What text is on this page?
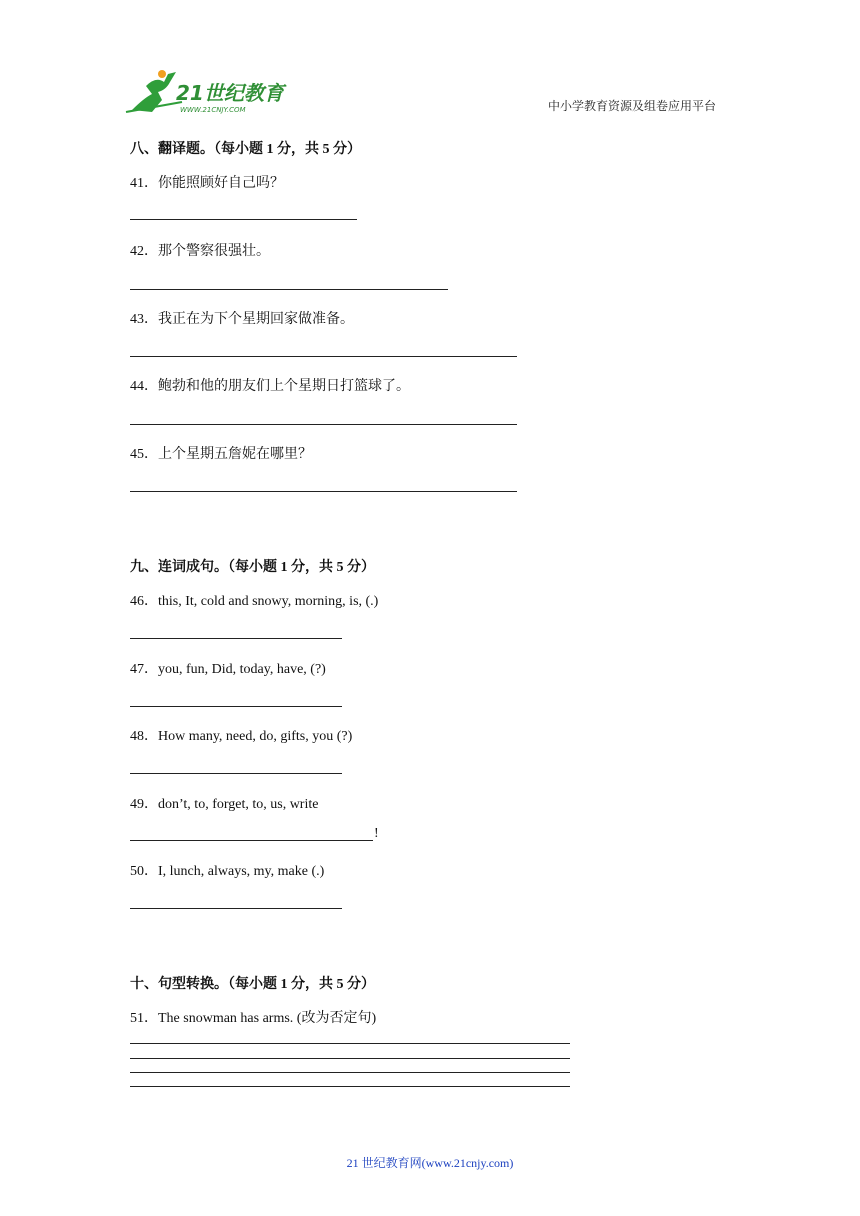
21世纪教育
WWW.21CNJY.COM	中小学教育资源及组卷应用平台
八、翻译题。（每小题 1 分，共 5 分）
41．你能照顾好自己吗？
42．那个警察很强壮。
43．我正在为下个星期回家做准备。
44．鲍勃和他的朋友们上个星期日打篮球了。
45．上个星期五詹妮在哪里？
九、连词成句。（每小题 1 分，共 5 分）
46．this, It, cold and snowy, morning, is, (.)
47．you, fun, Did, today, have, (?)
48．How many, need, do, gifts, you (?)
49．don’t, to, forget, to, us, write
!
50．I, lunch, always, my, make (.)
十、句型转换。（每小题 1 分，共 5 分）
51．The snowman has arms. (改为否定句)
21 世纪教育网(www.21cnjy.com)
